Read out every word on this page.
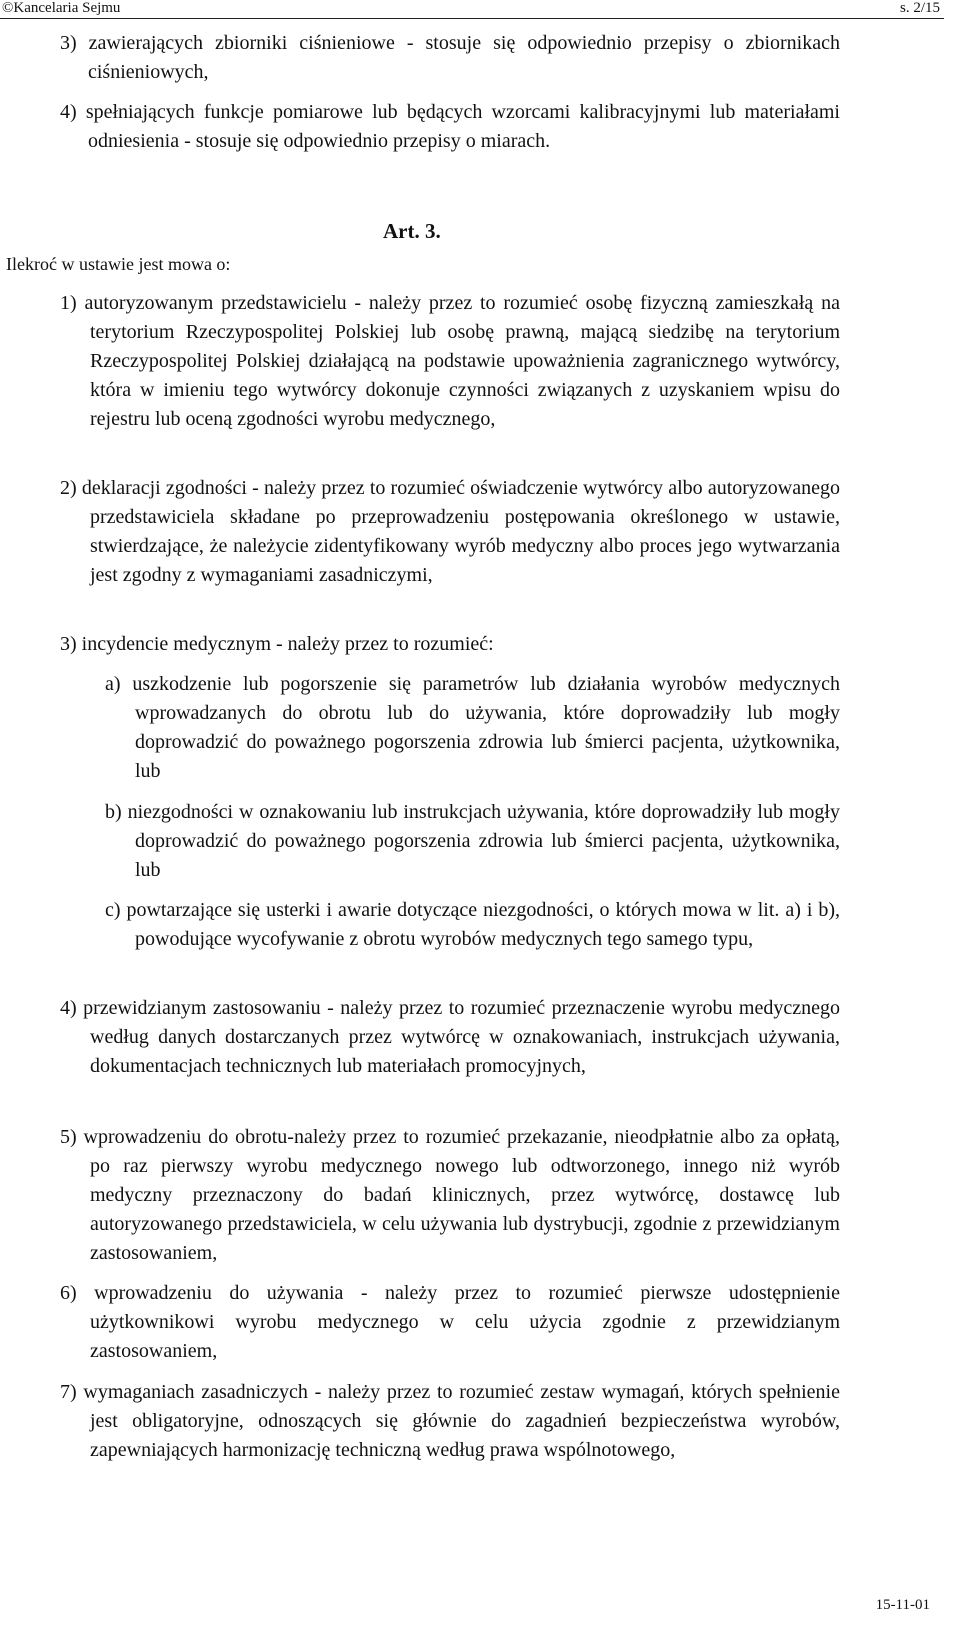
©Kancelaria Sejmu	s. 2/15
3) zawierających zbiorniki ciśnieniowe - stosuje się odpowiednio przepisy o zbiornikach ciśnieniowych,
4) spełniających funkcje pomiarowe lub będących wzorcami kalibracyjnymi lub materiałami odniesienia - stosuje się odpowiednio przepisy o miarach.
Art. 3.
Ilekroć w ustawie jest mowa o:
1) autoryzowanym przedstawicielu - należy przez to rozumieć osobę fizyczną zamieszkałą na terytorium Rzeczypospolitej Polskiej lub osobę prawną, mającą siedzibę na terytorium Rzeczypospolitej Polskiej działającą na podstawie upoważnienia zagranicznego wytwórcy, która w imieniu tego wytwórcy dokonuje czynności związanych z uzyskaniem wpisu do rejestru lub oceną zgodności wyrobu medycznego,
2) deklaracji zgodności - należy przez to rozumieć oświadczenie wytwórcy albo autoryzowanego przedstawiciela składane po przeprowadzeniu postępowania określonego w ustawie, stwierdzające, że należycie zidentyfikowany wyrób medyczny albo proces jego wytwarzania jest zgodny z wymaganiami zasadniczymi,
3) incydencie medycznym - należy przez to rozumieć:
a) uszkodzenie lub pogorszenie się parametrów lub działania wyrobów medycznych wprowadzanych do obrotu lub do używania, które doprowadziły lub mogły doprowadzić do poważnego pogorszenia zdrowia lub śmierci pacjenta, użytkownika, lub
b) niezgodności w oznakowaniu lub instrukcjach używania, które doprowadziły lub mogły doprowadzić do poważnego pogorszenia zdrowia lub śmierci pacjenta, użytkownika, lub
c) powtarzające się usterki i awarie dotyczące niezgodności, o których mowa w lit. a) i b), powodujące wycofywanie z obrotu wyrobów medycznych tego samego typu,
4) przewidzianym zastosowaniu - należy przez to rozumieć przeznaczenie wyrobu medycznego według danych dostarczanych przez wytwórcę w oznakowaniach, instrukcjach używania, dokumentacjach technicznych lub materiałach promocyjnych,
5) wprowadzeniu do obrotu-należy przez to rozumieć przekazanie, nieodpłatnie albo za opłatą, po raz pierwszy wyrobu medycznego nowego lub odtworzonego, innego niż wyrób medyczny przeznaczony do badań klinicznych, przez wytwórcę, dostawcę lub autoryzowanego przedstawiciela, w celu używania lub dystrybucji, zgodnie z przewidzianym zastosowaniem,
6) wprowadzeniu do używania - należy przez to rozumieć pierwsze udostępnienie użytkownikowi wyrobu medycznego w celu użycia zgodnie z przewidzianym zastosowaniem,
7) wymaganiach zasadniczych - należy przez to rozumieć zestaw wymagań, których spełnienie jest obligatoryjne, odnoszących się głównie do zagadnień bezpieczeństwa wyrobów, zapewniających harmonizację techniczną według prawa wspólnotowego,
15-11-01
